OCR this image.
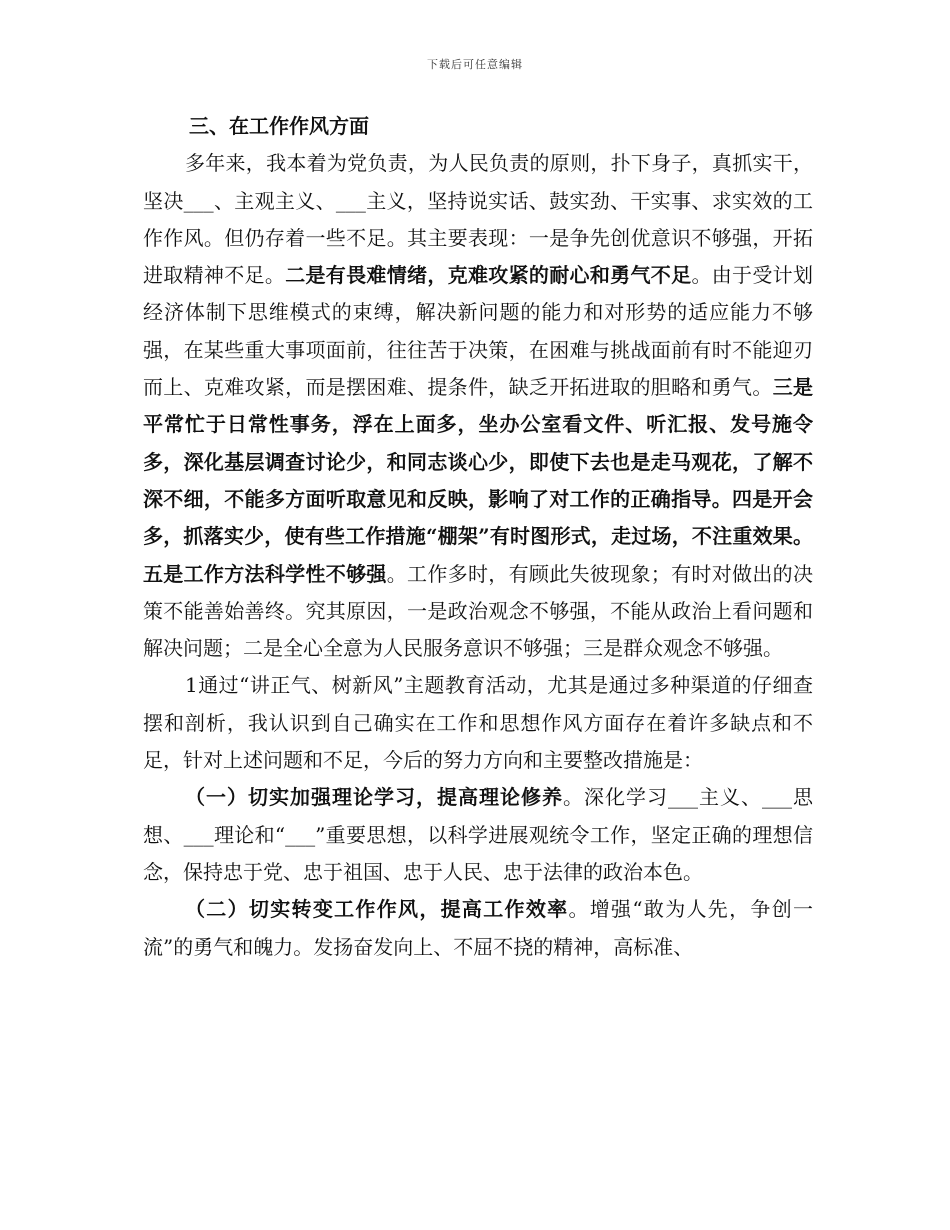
下载后可任意编辑

三、在工作作风方面

多年来，我本着为党负责，为人民负责的原则，扑下身子，真抓实干，坚决___、主观主义、___主义，坚持说实话、鼓实劲、干实事、求实效的工作作风。但仍存着一些不足。其主要表现：一是争先创优意识不够强，开拓进取精神不足。二是有畏难情绪，克难攻紧的耐心和勇气不足。由于受计划经济体制下思维模式的束缚，解决新问题的能力和对形势的适应能力不够强，在某些重大事项面前，往往苦于决策，在困难与挑战面前有时不能迎刃而上、克难攻紧，而是摆困难、提条件，缺乏开拓进取的胆略和勇气。三是平常忙于日常性事务，浮在上面多，坐办公室看文件、听汇报、发号施令多，深化基层调查讨论少，和同志谈心少，即使下去也是走马观花，了解不深不细，不能多方面听取意见和反映，影响了对工作的正确指导。四是开会多，抓落实少，使有些工作措施“棚架”有时图形式，走过场，不注重效果。五是工作方法科学性不够强。工作多时，有顾此失彼现象；有时对做出的决策不能善始善终。究其原因，一是政治观念不够强，不能从政治上看问题和解决问题；二是全心全意为人民服务意识不够强；三是群众观念不够强。

1通过“讲正气、树新风”主题教育活动，尤其是通过多种渠道的仔细查摆和剖析，我认识到自己确实在工作和思想作风方面存在着许多缺点和不足，针对上述问题和不足，今后的努力方向和主要整改措施是：

（一）切实加强理论学习，提高理论修养。深化学习___主义、___思想、___理论和“___”重要思想，以科学进展观统令工作，坚定正确的理想信念，保持忠于党、忠于祖国、忠于人民、忠于法律的政治本色。

（二）切实转变工作作风，提高工作效率。增强“敢为人先，争创一流”的勇气和魄力。发扬奋发向上、不屈不挠的精神，高标准、
